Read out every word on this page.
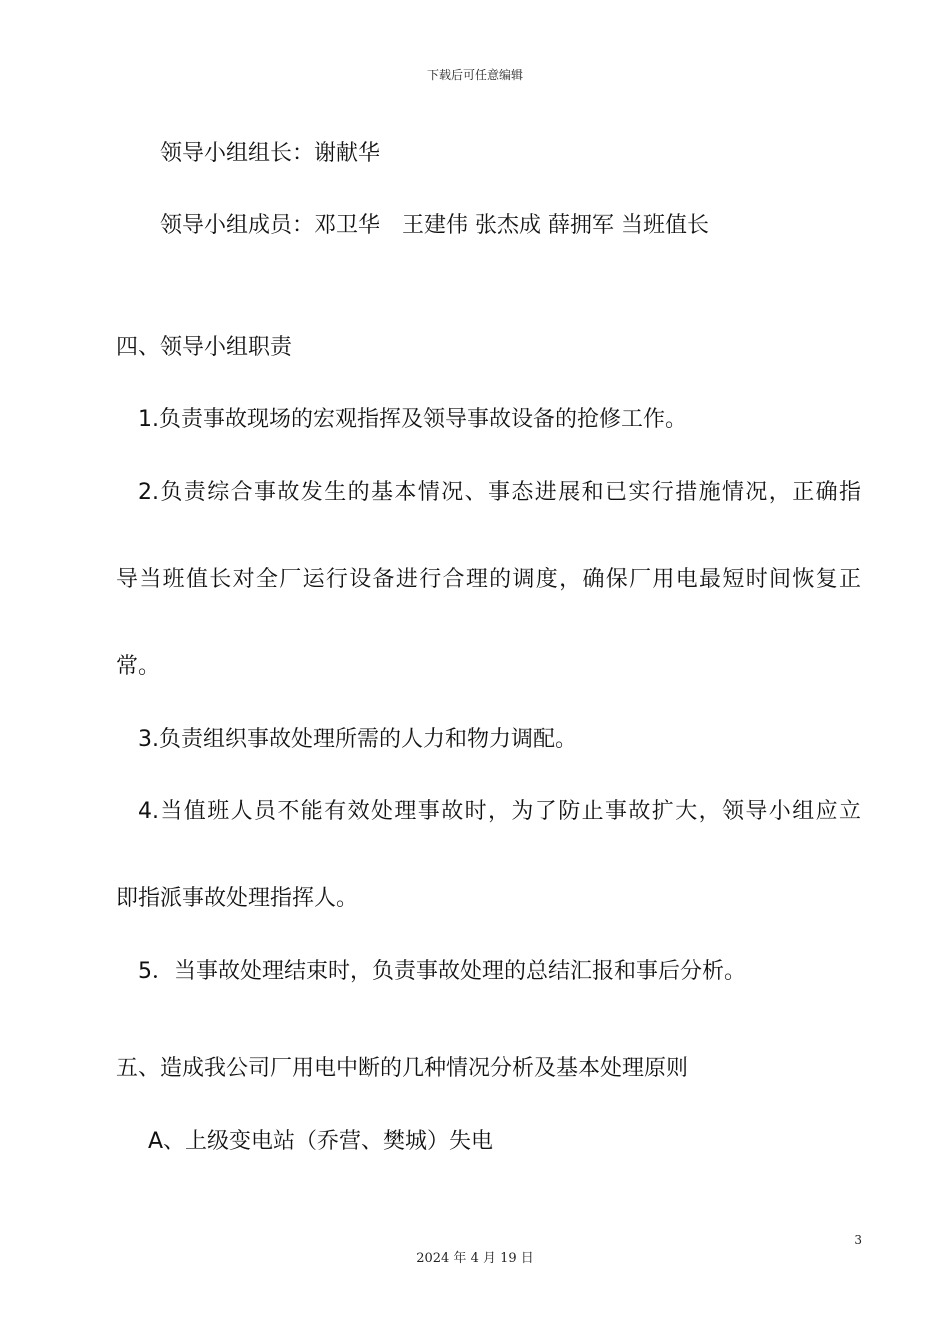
下载后可任意编辑
领导小组组长：谢献华
领导小组成员：邓卫华　王建伟 张杰成 薛拥军 当班值长
四、领导小组职责
1.负责事故现场的宏观指挥及领导事故设备的抢修工作。
2.负责综合事故发生的基本情况、事态进展和已实行措施情况，正确指
导当班值长对全厂运行设备进行合理的调度，确保厂用电最短时间恢复正
常。
3.负责组织事故处理所需的人力和物力调配。
4.当值班人员不能有效处理事故时，为了防止事故扩大，领导小组应立
即指派事故处理指挥人。
5．当事故处理结束时，负责事故处理的总结汇报和事后分析。
五、造成我公司厂用电中断的几种情况分析及基本处理原则
A、上级变电站（乔营、樊城）失电
3
2024 年 4 月 19 日
